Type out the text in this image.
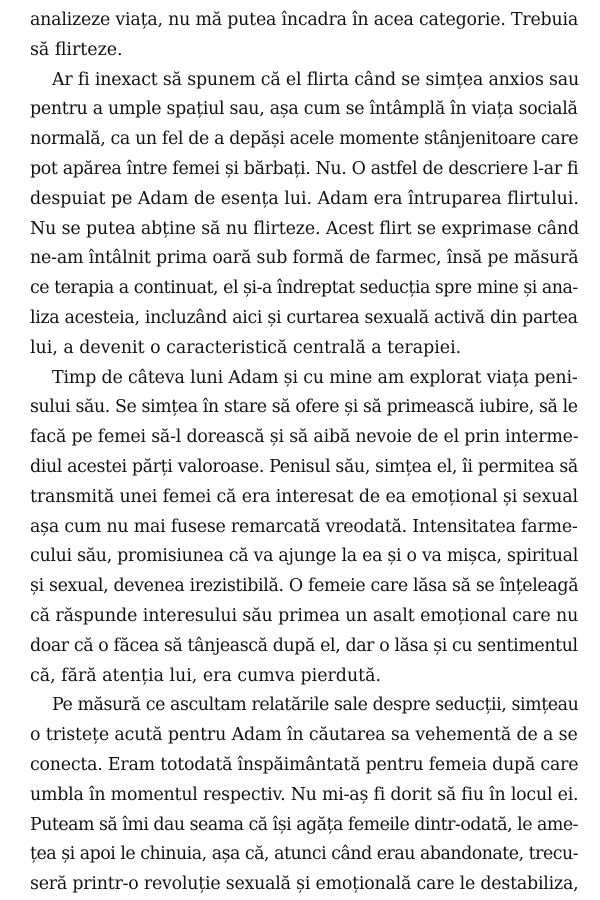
analizeze viața, nu mă putea încadra în acea categorie. Trebuia
să flirteze.

Ar fi inexact să spunem că el flirta când se simțea anxios sau
pentru a umple spațiul sau, așa cum se întâmplă în viața socială
normală, ca un fel de a depăși acele momente stânjenitoare care
pot apărea între femei și bărbați. Nu. O astfel de descriere l-ar fi
despuiat pe Adam de esența lui. Adam era întruparea flirtului.
Nu se putea abține să nu flirteze. Acest flirt se exprimase când
ne-am întâlnit prima oară sub formă de farmec, însă pe măsură
ce terapia a continuat, el și-a îndreptat seducția spre mine și ana-
liza acesteia, incluzând aici și curtarea sexuală activă din partea
lui, a devenit o caracteristică centrală a terapiei.

Timp de câteva luni Adam și cu mine am explorat viața peni-
sului său. Se simțea în stare să ofere și să primească iubire, să le
facă pe femei să-l dorească și să aibă nevoie de el prin interme-
diul acestei părți valoroase. Penisul său, simțea el, îi permitea să
transmită unei femei că era interesat de ea emoțional și sexual
așa cum nu mai fusese remarcată vreodată. Intensitatea farme-
cului său, promisiunea că va ajunge la ea și o va mișca, spiritual
și sexual, devenea irezistibilă. O femeie care lăsa să se înțeleagă
că răspunde interesului său primea un asalt emoțional care nu
doar că o făcea să tânjească după el, dar o lăsa și cu sentimentul
că, fără atenția lui, era cumva pierdută.

Pe măsură ce ascultam relatările sale despre seducții, simțeau
o tristețe acută pentru Adam în căutarea sa vehementă de a se
conecta. Eram totodată înspăimântată pentru femeia după care
umbla în momentul respectiv. Nu mi-aș fi dorit să fiu în locul ei.
Puteam să îmi dau seama că își agăța femeile dintr-odată, le ame-
țea și apoi le chinuia, așa că, atunci când erau abandonate, trecu-
seră printr-o revoluție sexuală și emoțională care le destabiliza,
